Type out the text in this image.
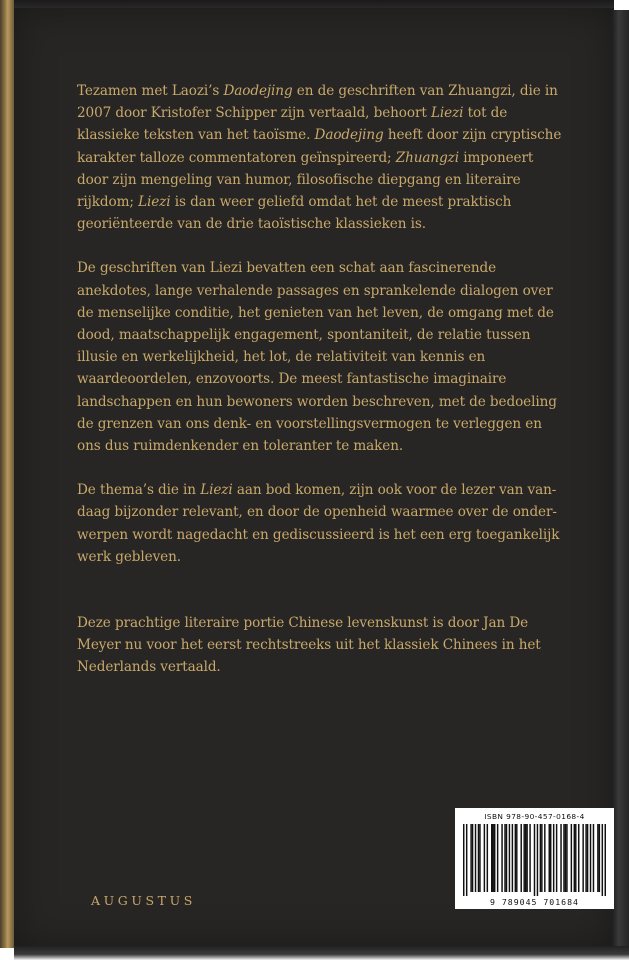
Tezamen met Laozi’s Daodejing en de geschriften van Zhuangzi, die in 2007 door Kristofer Schipper zijn vertaald, behoort Liezi tot de klassieke teksten van het taoïsme. Daodejing heeft door zijn cryptische karakter talloze commentatoren geïnspireerd; Zhuangzi imponeert door zijn mengeling van humor, filosofische diepgang en literaire rijkdom; Liezi is dan weer geliefd omdat het de meest praktisch georiënteerde van de drie taoïstische klassieken is.

De geschriften van Liezi bevatten een schat aan fascinerende anekdotes, lange verhalende passages en sprankelende dialogen over de menselijke conditie, het genieten van het leven, de omgang met de dood, maatschappelijk engagement, spontaniteit, de relatie tussen illusie en werkelijkheid, het lot, de relativiteit van kennis en waardeoordelen, enzovoorts. De meest fantastische imaginaire landschappen en hun bewoners worden beschreven, met de bedoeling de grenzen van ons denk- en voorstellingsvermogen te verleggen en ons dus ruimdenkender en toleranter te maken.

De thema’s die in Liezi aan bod komen, zijn ook voor de lezer van vandaag bijzonder relevant, en door de openheid waarmee over de onderwerpen wordt nagedacht en gediscussieerd is het een erg toegankelijk werk gebleven.

Deze prachtige literaire portie Chinese levenskunst is door Jan De Meyer nu voor het eerst rechtstreeks uit het klassiek Chinees in het Nederlands vertaald.

AUGUSTUS
ISBN 978-90-457-0168-4
9 789045 701684
